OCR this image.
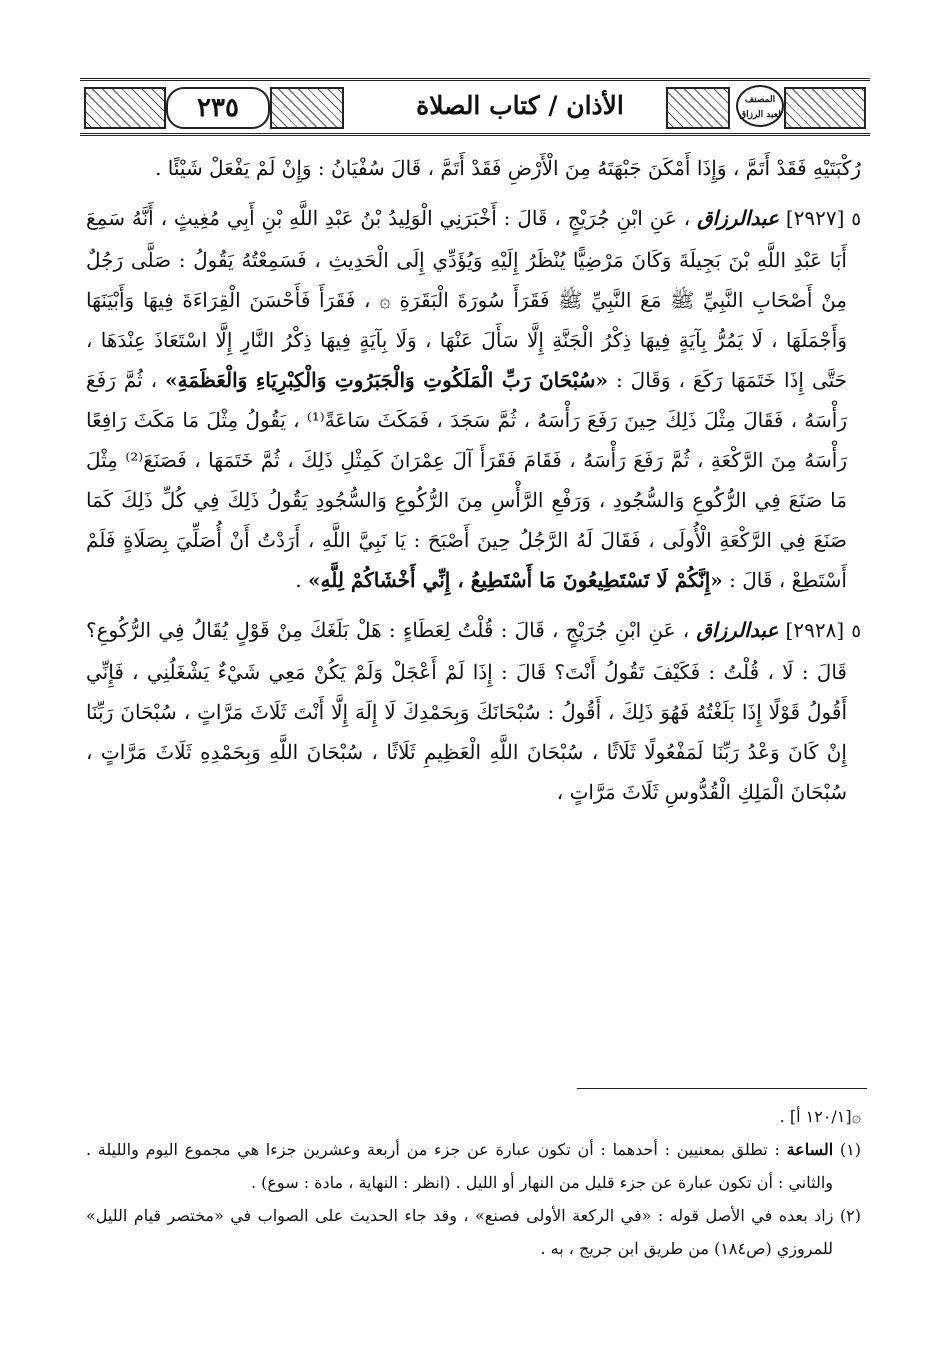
٢٣٥	الأذان / كتاب الصلاة	المصنف
لعبد الرزاق

رُكْبَتَيْهِ فَقَدْ أَتَمَّ ، وَإِذَا أَمْكَنَ جَبْهَتَهُ مِنَ الْأَرْضِ فَقَدْ أَتَمَّ ، قَالَ سُفْيَانُ : وَإِنْ لَمْ يَفْعَلْ شَيْئًا .

٥ [٢٩٢٧] عبدالرزاق ، عَنِ ابْنِ جُرَيْجٍ ، قَالَ : أَخْبَرَنِي الْوَلِيدُ بْنُ عَبْدِ اللَّهِ بْنِ أَبِي مُغِيثٍ ، أَنَّهُ سَمِعَ أَبَا عَبْدِ اللَّهِ بْنَ بَجِيلَةَ وَكَانَ مَرْضِيًّا يُنْظَرُ إِلَيْهِ وَيُؤَدِّي إِلَى الْحَدِيثِ ، فَسَمِعْتُهُ يَقُولُ : صَلَّى رَجُلٌ مِنْ أَصْحَابِ النَّبِيِّ ﷺ مَعَ النَّبِيِّ ﷺ فَقَرَأَ سُورَةَ الْبَقَرَةِ ۞ ، فَقَرَأَ فَأَحْسَنَ الْقِرَاءَةَ فِيهَا وَأَبْيَنَهَا وَأَجْمَلَهَا ، لَا يَمُرُّ بِآيَةٍ فِيهَا ذِكْرُ الْجَنَّةِ إِلَّا سَأَلَ عَنْهَا ، وَلَا بِآيَةٍ فِيهَا ذِكْرُ النَّارِ إِلَّا اسْتَعَاذَ عِنْدَهَا ، حَتَّى إِذَا خَتَمَهَا رَكَعَ ، وَقَالَ : «سُبْحَانَ رَبِّ الْمَلَكُوتِ وَالْجَبَرُوتِ وَالْكِبْرِيَاءِ وَالْعَظَمَةِ» ، ثُمَّ رَفَعَ رَأْسَهُ ، فَقَالَ مِثْلَ ذَلِكَ حِينَ رَفَعَ رَأْسَهُ ، ثُمَّ سَجَدَ ، فَمَكَثَ سَاعَةً⁽¹⁾ ، يَقُولُ مِثْلَ مَا مَكَثَ رَافِعًا رَأْسَهُ مِنَ الرَّكْعَةِ ، ثُمَّ رَفَعَ رَأْسَهُ ، فَقَامَ فَقَرَأَ آلَ عِمْرَانَ كَمِثْلِ ذَلِكَ ، ثُمَّ خَتَمَهَا ، فَصَنَعَ⁽²⁾ مِثْلَ مَا صَنَعَ فِي الرُّكُوعِ وَالسُّجُودِ ، وَرَفْعِ الرَّأْسِ مِنَ الرُّكُوعِ وَالسُّجُودِ يَقُولُ ذَلِكَ فِي كُلِّ ذَلِكَ كَمَا صَنَعَ فِي الرَّكْعَةِ الْأُولَى ، فَقَالَ لَهُ الرَّجُلُ حِينَ أَصْبَحَ : يَا نَبِيَّ اللَّهِ ، أَرَدْتُ أَنْ أُصَلِّيَ بِصَلَاةٍ فَلَمْ أَسْتَطِعْ ، قَالَ : «إِنَّكُمْ لَا تَسْتَطِيعُونَ مَا أَسْتَطِيعُ ، إِنِّي أَخْشَاكُمْ لِلَّهِ» .

٥ [٢٩٢٨] عبدالرزاق ، عَنِ ابْنِ جُرَيْجٍ ، قَالَ : قُلْتُ لِعَطَاءٍ : هَلْ بَلَغَكَ مِنْ قَوْلٍ يُقَالُ فِي الرُّكُوعِ؟ قَالَ : لَا ، قُلْتُ : فَكَيْفَ تَقُولُ أَنْتَ؟ قَالَ : إِذَا لَمْ أَعْجَلْ وَلَمْ يَكُنْ مَعِي شَيْءٌ يَشْغَلُنِي ، فَإِنِّي أَقُولُ قَوْلًا إِذَا بَلَغْتُهُ فَهُوَ ذَلِكَ ، أَقُولُ : سُبْحَانَكَ وَبِحَمْدِكَ لَا إِلَهَ إِلَّا أَنْتَ ثَلَاثَ مَرَّاتٍ ، سُبْحَانَ رَبِّنَا إِنْ كَانَ وَعْدُ رَبِّنَا لَمَفْعُولًا ثَلَاثًا ، سُبْحَانَ اللَّهِ الْعَظِيمِ ثَلَاثًا ، سُبْحَانَ اللَّهِ وَبِحَمْدِهِ ثَلَاثَ مَرَّاتٍ ، سُبْحَانَ الْمَلِكِ الْقُدُّوسِ ثَلَاثَ مَرَّاتٍ ،

۞[١٢٠/١ أ] .

(١) الساعة : تطلق بمعنيين : أحدهما : أن تكون عبارة عن جزء من أربعة وعشرين جزءا هي مجموع اليوم والليلة . والثاني : أن تكون عبارة عن جزء قليل من النهار أو الليل . (انظر : النهاية ، مادة : سوع) .

(٢) زاد بعده في الأصل قوله : «في الركعة الأولى فصنع» ، وقد جاء الحديث على الصواب في «مختصر قيام الليل» للمروزي (ص١٨٤) من طريق ابن جريج ، به .
